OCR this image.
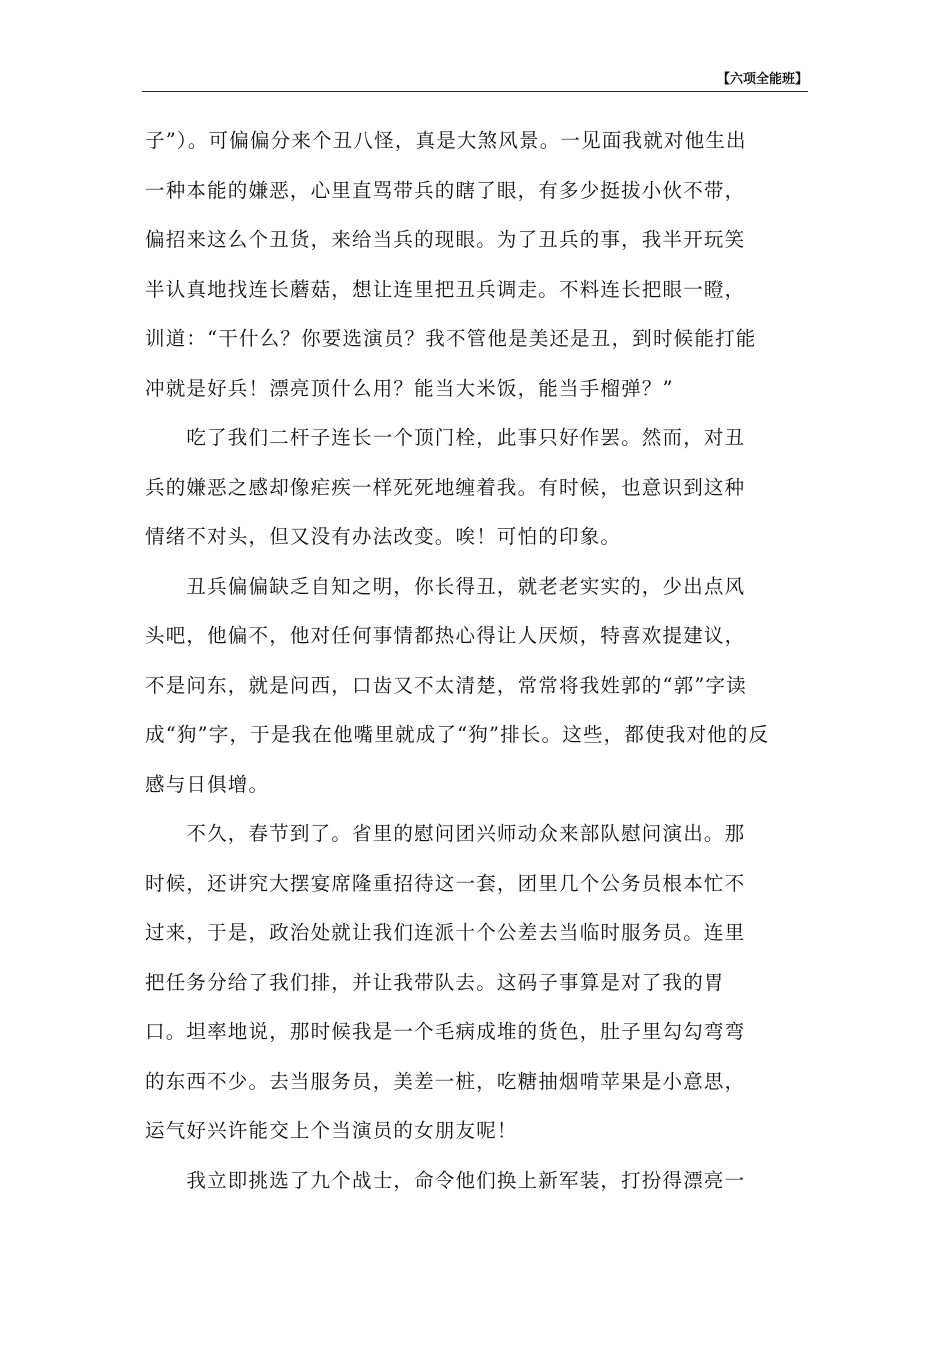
【六项全能班】
子”）。可偏偏分来个丑八怪，真是大煞风景。一见面我就对他生出
一种本能的嫌恶，心里直骂带兵的瞎了眼，有多少挺拔小伙不带，
偏招来这么个丑货，来给当兵的现眼。为了丑兵的事，我半开玩笑
半认真地找连长蘑菇，想让连里把丑兵调走。不料连长把眼一瞪，
训道：“干什么？你要选演员？我不管他是美还是丑，到时候能打能
冲就是好兵！漂亮顶什么用？能当大米饭，能当手榴弹？”
　　吃了我们二杆子连长一个顶门栓，此事只好作罢。然而，对丑
兵的嫌恶之感却像疟疾一样死死地缠着我。有时候，也意识到这种
情绪不对头，但又没有办法改变。唉！可怕的印象。
　　丑兵偏偏缺乏自知之明，你长得丑，就老老实实的，少出点风
头吧，他偏不，他对任何事情都热心得让人厌烦，特喜欢提建议，
不是问东，就是问西，口齿又不太清楚，常常将我姓郭的“郭”字读
成“狗”字，于是我在他嘴里就成了“狗”排长。这些，都使我对他的反
感与日俱增。
　　不久，春节到了。省里的慰问团兴师动众来部队慰问演出。那
时候，还讲究大摆宴席隆重招待这一套，团里几个公务员根本忙不
过来，于是，政治处就让我们连派十个公差去当临时服务员。连里
把任务分给了我们排，并让我带队去。这码子事算是对了我的胃
口。坦率地说，那时候我是一个毛病成堆的货色，肚子里勾勾弯弯
的东西不少。去当服务员，美差一桩，吃糖抽烟啃苹果是小意思，
运气好兴许能交上个当演员的女朋友呢！
　　我立即挑选了九个战士，命令他们换上新军装，打扮得漂亮一
